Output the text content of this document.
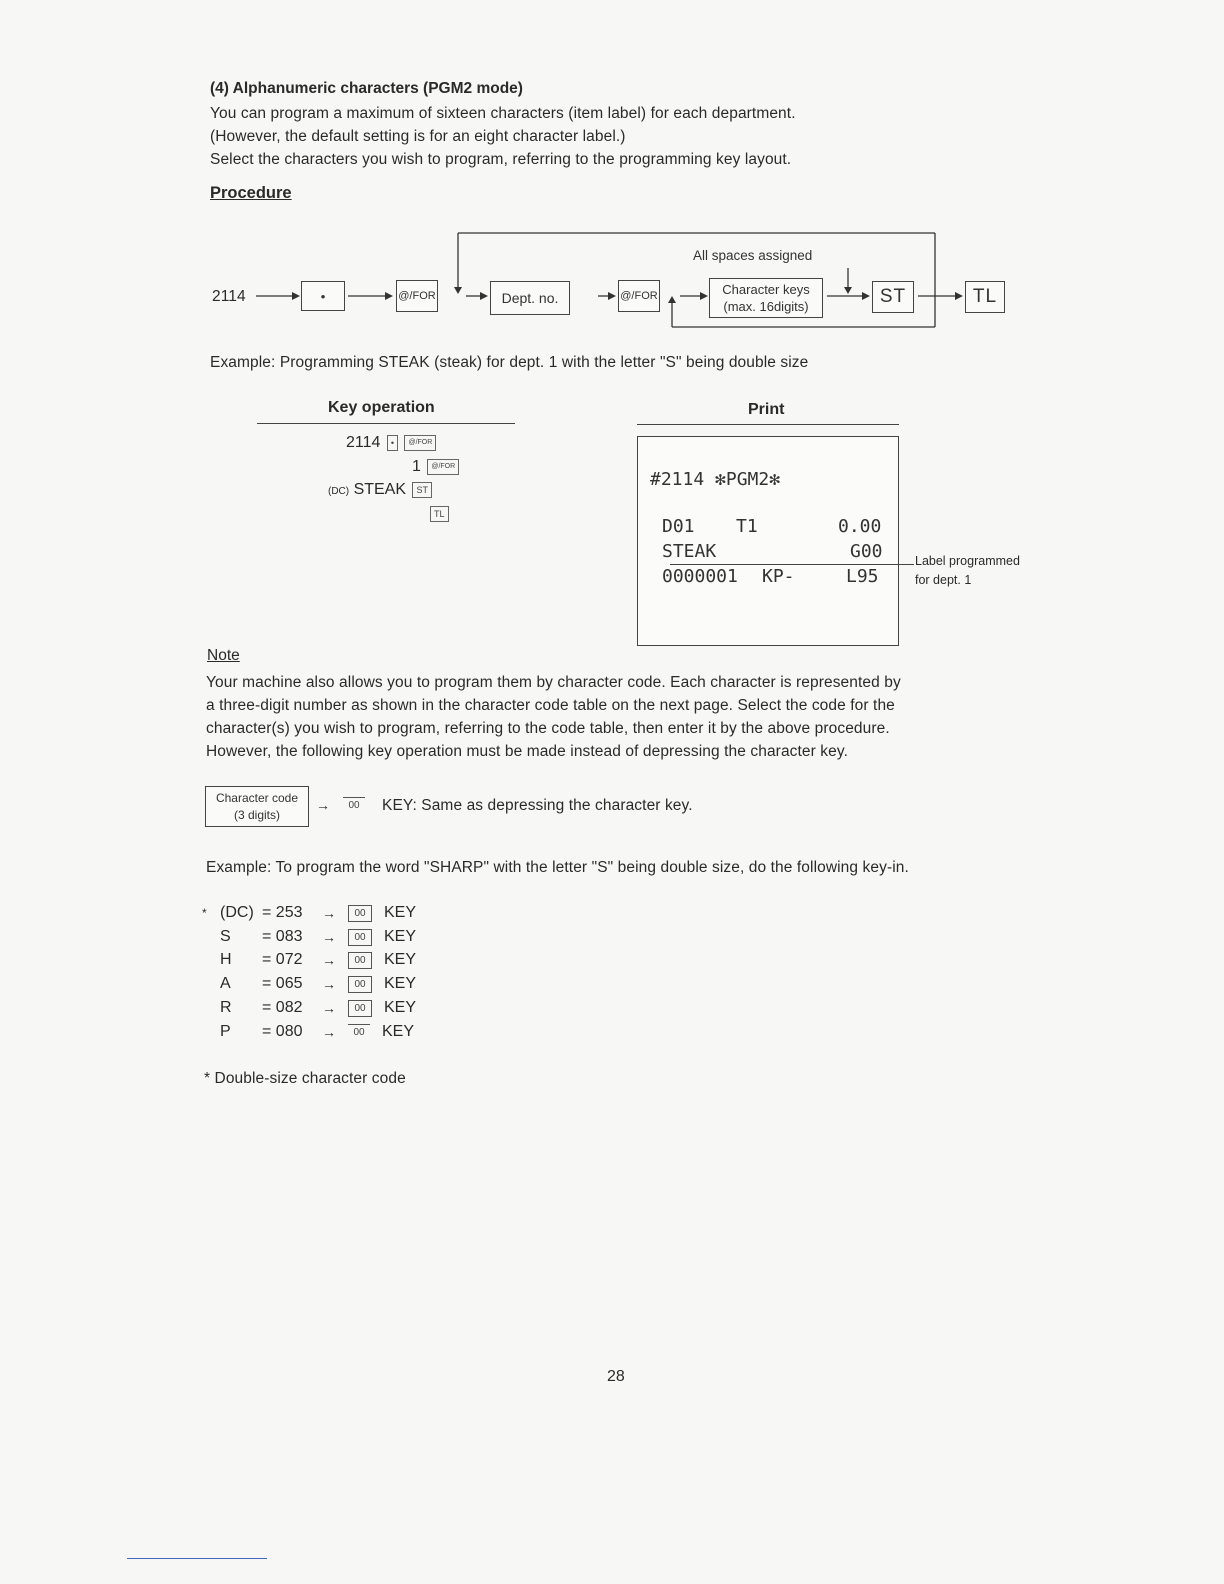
(4) Alphanumeric characters (PGM2 mode)
You can program a maximum of sixteen characters (item label) for each department.
(However, the default setting is for an eight character label.)
Select the characters you wish to program, referring to the programming key layout.
Procedure
2114	•	@/FOR	Dept. no.	@/FOR
All spaces assigned
Character keys
(max. 16digits)	ST	TL
Example: Programming STEAK (steak) for dept. 1 with the letter "S" being double size
Key operation	Print
2114 • @/FOR
1 @/FOR
(DC) STEAK ST
TL
#2114 ✻PGM2✻
D01 T1	0.00
STEAK	G00
0000001 KP-	L95
Label programmed
for dept. 1
Note
Your machine also allows you to program them by character code. Each character is represented by
a three-digit number as shown in the character code table on the next page. Select the code for the
character(s) you wish to program, referring to the code table, then enter it by the above procedure.
However, the following key operation must be made instead of depressing the character key.
Character code
(3 digits)
→	00	KEY: Same as depressing the character key.
Example: To program the word "SHARP" with the letter "S" being double size, do the following key-in.
* (DC) = 253	→	00	KEY
S	= 083	→	00	KEY
H	= 072	→	00	KEY
A	= 065	→	00	KEY
R	= 082	→	00	KEY
P	= 080	→	00	KEY
* Double-size character code
28
